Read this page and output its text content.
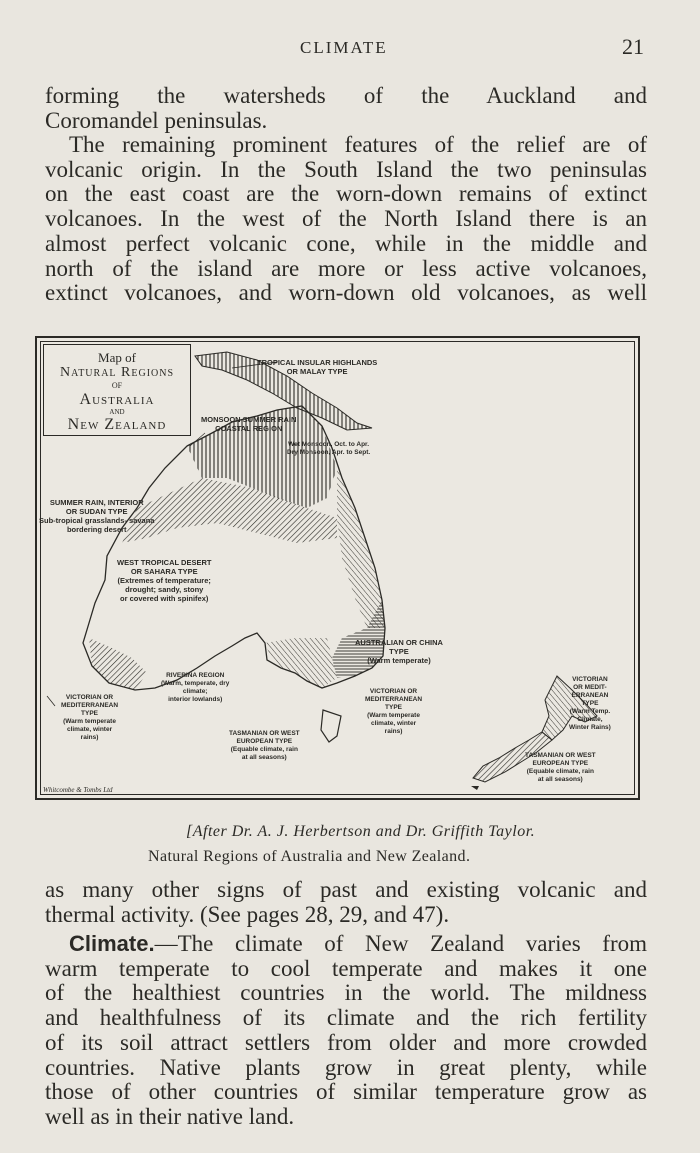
CLIMATE	21
forming the watersheds of the Auckland and
Coromandel peninsulas.
The remaining prominent features of the relief are of
volcanic origin. In the South Island the two peninsulas
on the east coast are the worn-down remains of extinct
volcanoes. In the west of the North Island there is an
almost perfect volcanic cone, while in the middle and
north of the island are more or less active volcanoes,
extinct volcanoes, and worn-down old volcanoes, as well
Map of
Natural Regions
OF
Australia
AND
New Zealand
TROPICAL INSULAR HIGHLANDS
OR MALAY TYPE
MONSOON SUMMER RAIN
COASTAL REGION
Wet Monsoon, Oct. to Apr.
Dry Monsoon, Apr. to Sept.
SUMMER RAIN, INTERIOR
OR SUDAN TYPE
Sub-tropical grasslands- savana
bordering desert
WEST TROPICAL DESERT
OR SAHARA TYPE
(Extremes of temperature;
drought; sandy, stony
or covered with spinifex)
AUSTRALIAN OR CHINA
TYPE
(Warm temperate)
RIVERINA REGION
(Warm, temperate, dry
climate;
interior lowlands)
VICTORIAN OR
MEDITERRANEAN
TYPE
(Warm temperate
climate, winter
rains)
VICTORIAN OR
MEDITERRANEAN
TYPE
(Warm temperate
climate, winter
rains)
TASMANIAN OR WEST
EUROPEAN TYPE
(Equable climate, rain
at all seasons)
VICTORIAN
OR MEDIT-
ERRANEAN
TYPE
(Warm Temp.
Climate,
Winter Rains)
TASMANIAN OR WEST
EUROPEAN TYPE
(Equable climate, rain
at all seasons)
Whitcombe & Tombs Ltd
[After Dr. A. J. Herbertson and Dr. Griffith Taylor.
Natural Regions of Australia and New Zealand.
as many other signs of past and existing volcanic and
thermal activity. (See pages 28, 29, and 47).
Climate.—The climate of New Zealand varies from
warm temperate to cool temperate and makes it one
of the healthiest countries in the world. The mildness
and healthfulness of its climate and the rich fertility
of its soil attract settlers from older and more crowded
countries. Native plants grow in great plenty, while
those of other countries of similar temperature grow as
well as in their native land.
